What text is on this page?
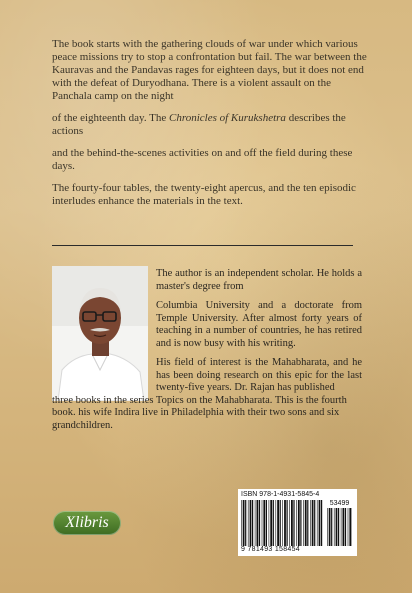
The book starts with the gathering clouds of war under which various peace missions try to stop a confrontation but fail. The war between the Kauravas and the Pandavas rages for eighteen days, but it does not end with the defeat of Duryodhana. There is a violent assault on the Panchala camp on the night

of the eighteenth day. The Chronicles of Kurukshetra describes the actions

and the behind-the-scenes activities on and off the field during these days.

The fourty-four tables, the twenty-eight apercus, and the ten episodic interludes enhance the materials in the text.

The author is an independent scholar. He holds a master's degree from

Columbia University and a doctorate from Temple University. After almost forty years of teaching in a number of countries, he has retired and is now busy with his writing.

His field of interest is the Mahabharata, and he has been doing research on this epic for the last twenty-five years. Dr. Rajan has published

three books in the series Topics on the Mahabharata. This is the fourth book. his wife Indira live in Philadelphia with their two sons and six grandchildren.

Xlibris
ISBN 978-1-4931-5845-4
53499
9 781493 158454
